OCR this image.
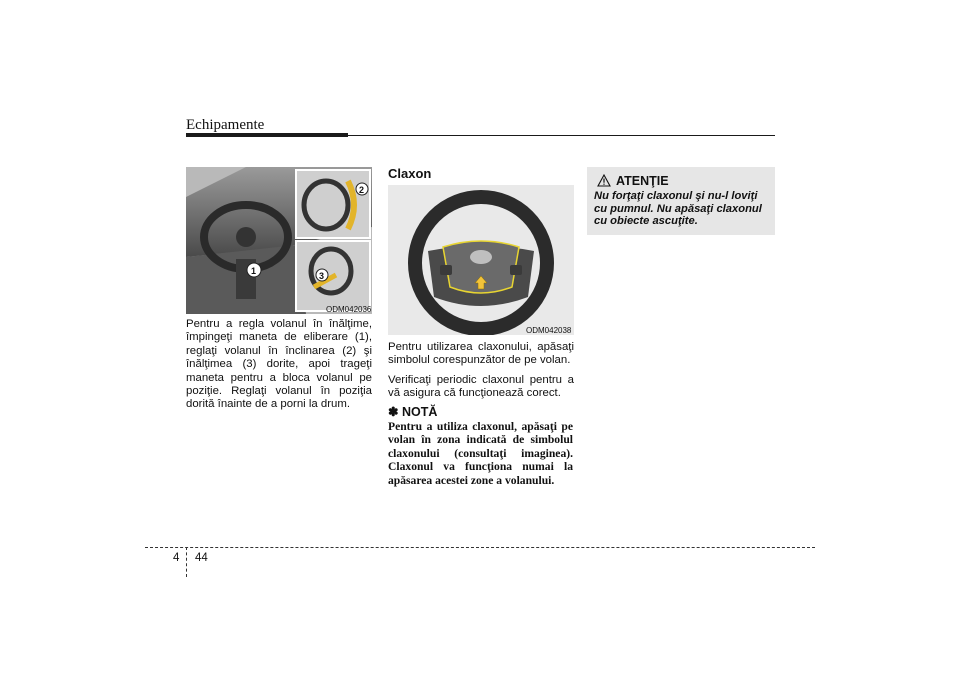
Echipamente
1
2
3
ODM042036

Pentru a regla volanul în înălţime, împingeţi maneta de eliberare (1), reglaţi volanul în înclinarea (2) şi înălţimea (3) dorite, apoi trageţi maneta pentru a bloca volanul pe poziţie. Reglaţi volanul în poziţia dorită înainte de a porni la drum.

Claxon
ODM042038

Pentru utilizarea claxonului, apăsaţi simbolul corespunzător de pe volan.

Verificaţi periodic claxonul pentru a vă asigura că funcţionează corect.

✽ NOTĂ
Pentru a utiliza claxonul, apăsaţi pe volan în zona indicată de simbolul claxonului (consultaţi imaginea). Claxonul va funcţiona numai la apăsarea acestei zone a volanului.
ATENŢIE
Nu forţaţi claxonul şi nu-l loviţi cu pumnul. Nu apăsaţi claxonul cu obiecte ascuţite.
4 44
